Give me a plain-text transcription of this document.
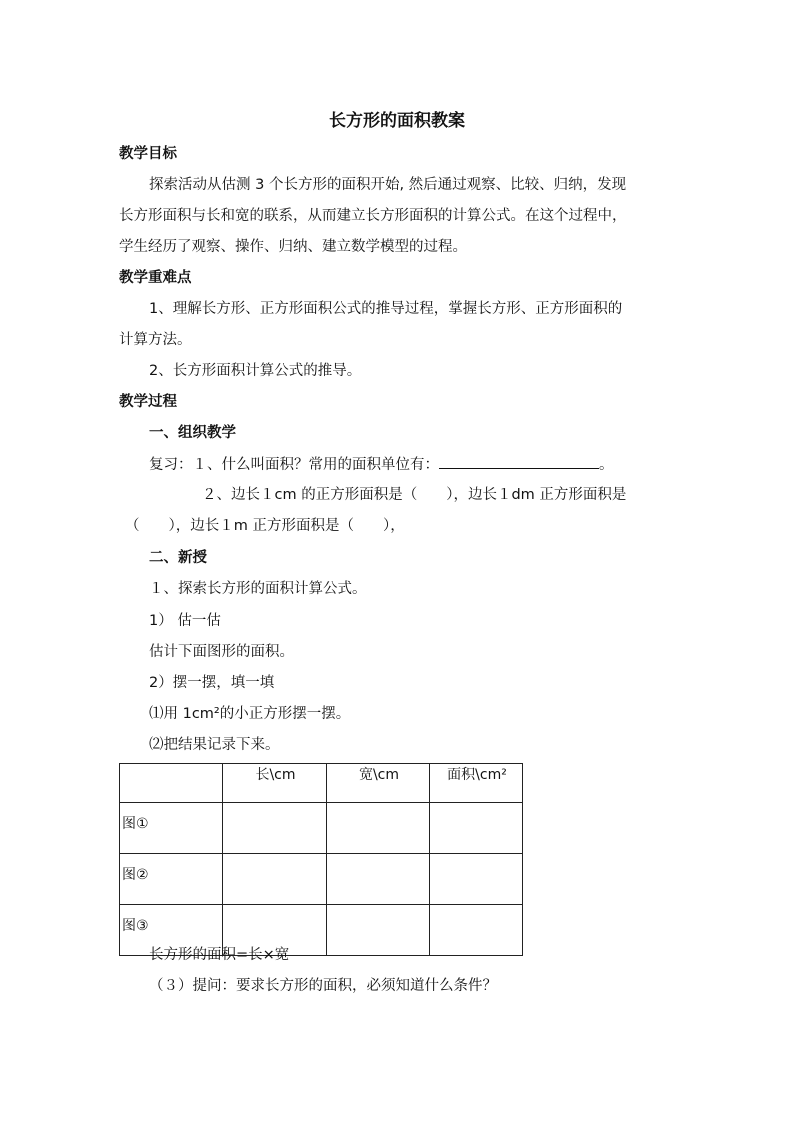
长方形的面积教案
教学目标
探索活动从估测 3 个长方形的面积开始, 然后通过观察、比较、归纳，发现
长方形面积与长和宽的联系，从而建立长方形面积的计算公式。在这个过程中，
学生经历了观察、操作、归纳、建立数学模型的过程。
教学重难点
1、理解长方形、正方形面积公式的推导过程，掌握长方形、正方形面积的
计算方法。
2、长方形面积计算公式的推导。
教学过程
一、组织教学
复习：１、什么叫面积？常用的面积单位有：	。
２、边长１cm 的正方形面积是（　　），边长１dm 正方形面积是
（　　），边长１m 正方形面积是（　　），
二、新授
１、探索长方形的面积计算公式。
1） 估一估
估计下面图形的面积。
2）摆一摆，填一填
⑴用 1cm²的小正方形摆一摆。
⑵把结果记录下来。
	长\cm	宽\cm	面积\cm²
图①			
图②			
图③			
长方形的面积=长×宽
（３）提问：要求长方形的面积，必须知道什么条件？
